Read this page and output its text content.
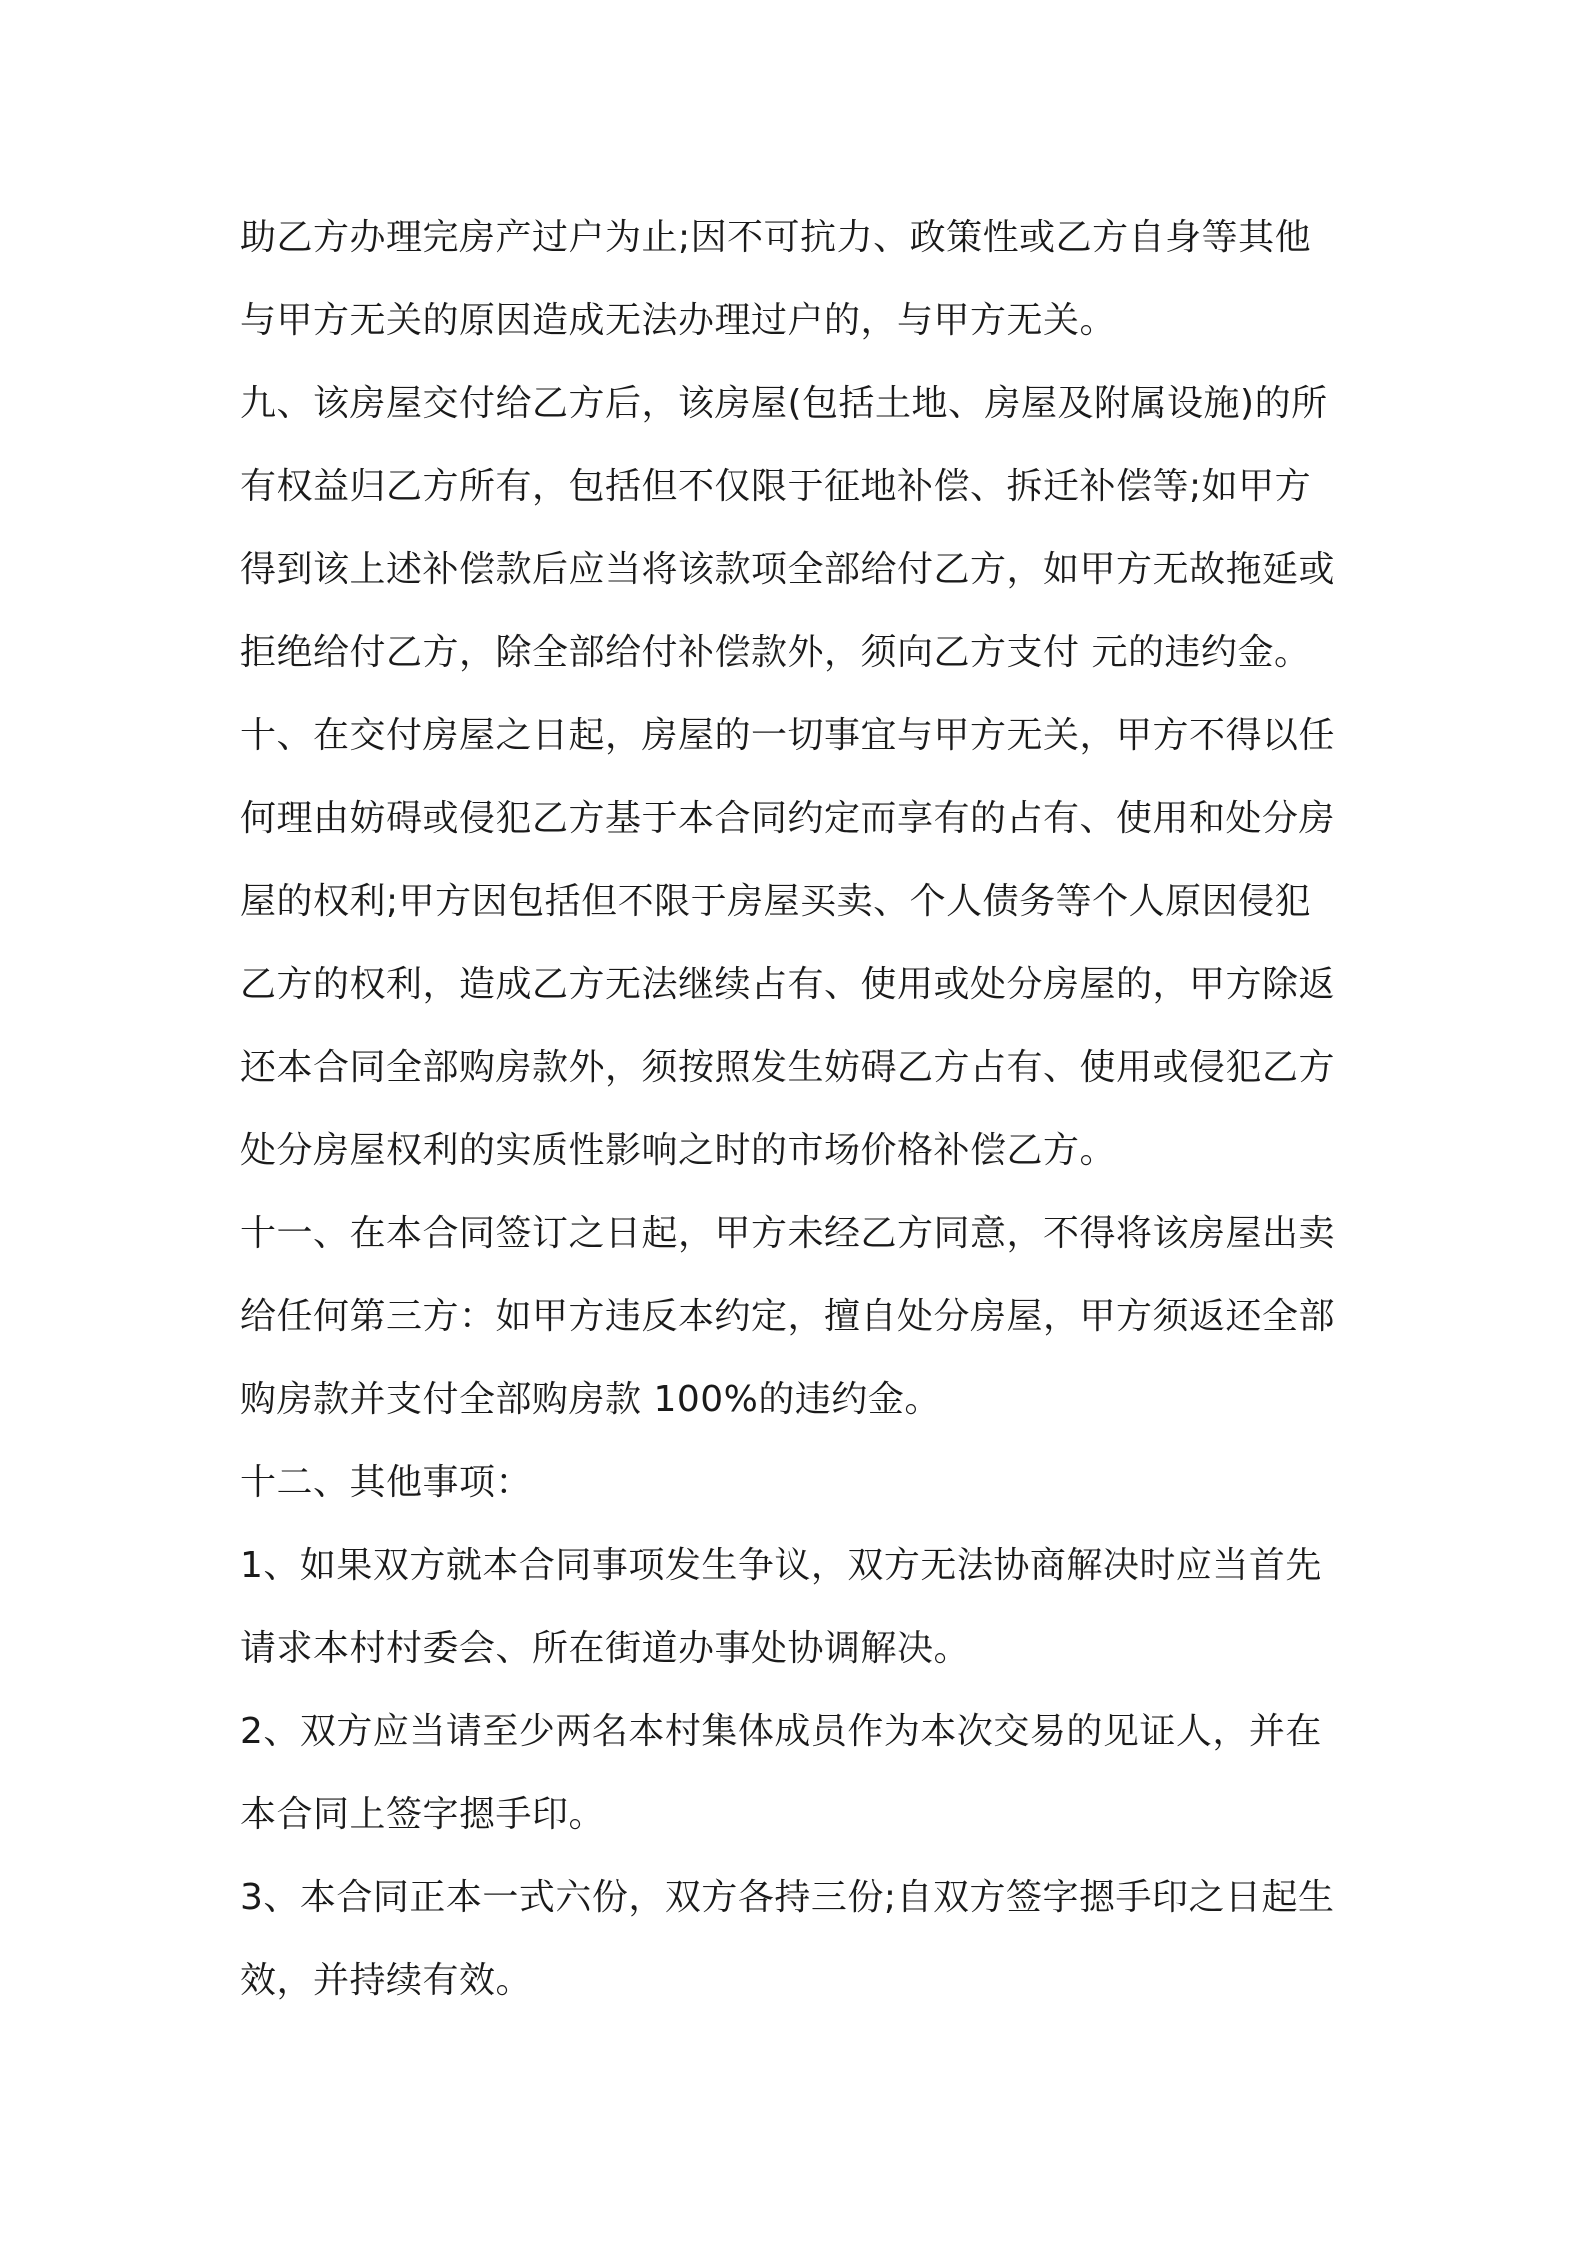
助乙方办理完房产过户为止;因不可抗力、政策性或乙方自身等其他
与甲方无关的原因造成无法办理过户的，与甲方无关。
九、该房屋交付给乙方后，该房屋(包括土地、房屋及附属设施)的所
有权益归乙方所有，包括但不仅限于征地补偿、拆迁补偿等;如甲方
得到该上述补偿款后应当将该款项全部给付乙方，如甲方无故拖延或
拒绝给付乙方，除全部给付补偿款外，须向乙方支付 元的违约金。
十、在交付房屋之日起，房屋的一切事宜与甲方无关，甲方不得以任
何理由妨碍或侵犯乙方基于本合同约定而享有的占有、使用和处分房
屋的权利;甲方因包括但不限于房屋买卖、个人债务等个人原因侵犯
乙方的权利，造成乙方无法继续占有、使用或处分房屋的，甲方除返
还本合同全部购房款外，须按照发生妨碍乙方占有、使用或侵犯乙方
处分房屋权利的实质性影响之时的市场价格补偿乙方。
十一、在本合同签订之日起，甲方未经乙方同意，不得将该房屋出卖
给任何第三方：如甲方违反本约定，擅自处分房屋，甲方须返还全部
购房款并支付全部购房款 100%的违约金。
十二、其他事项：
1、如果双方就本合同事项发生争议，双方无法协商解决时应当首先
请求本村村委会、所在街道办事处协调解决。
2、双方应当请至少两名本村集体成员作为本次交易的见证人，并在
本合同上签字摁手印。
3、本合同正本一式六份，双方各持三份;自双方签字摁手印之日起生
效，并持续有效。
